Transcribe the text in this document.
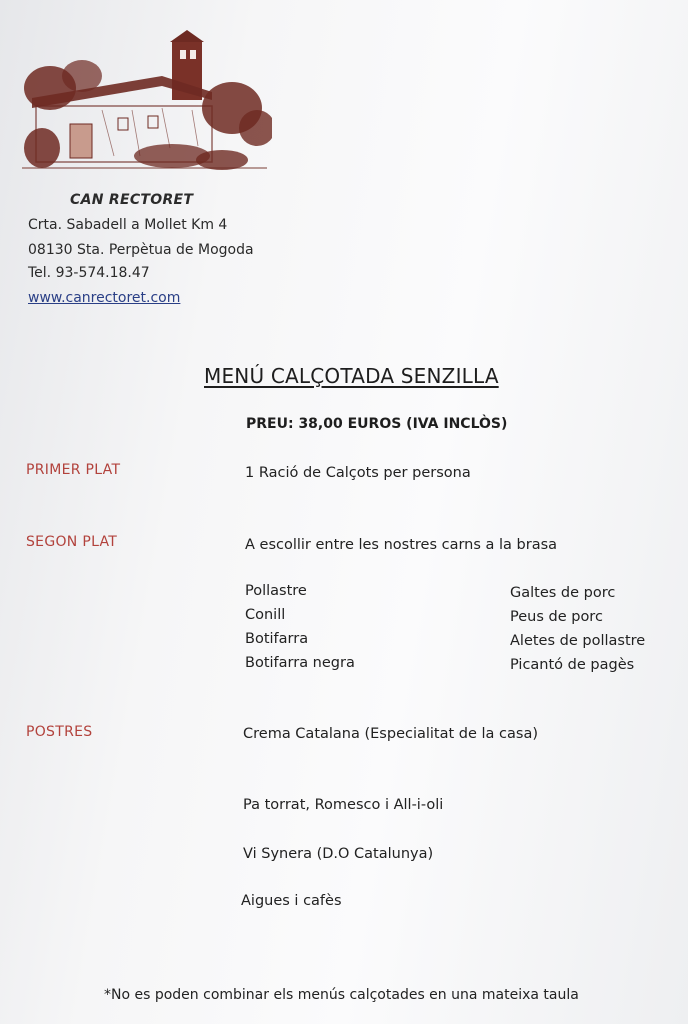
CAN RECTORET
Crta. Sabadell a Mollet Km 4
08130 Sta. Perpètua de Mogoda
Tel. 93-574.18.47
www.canrectoret.com
MENÚ CALÇOTADA SENZILLA
PREU: 38,00 EUROS (IVA INCLÒS)
PRIMER PLAT	1 Ració de Calçots per persona
SEGON PLAT	A escollir entre les nostres carns a la brasa
Pollastre
Conill
Botifarra
Botifarra negra
Galtes de porc
Peus de porc
Aletes de pollastre
Picantó de pagès
POSTRES	Crema Catalana (Especialitat de la casa)
Pa torrat, Romesco i All-i-oli
Vi Synera (D.O Catalunya)
Aigues i cafès
*No es poden combinar els menús calçotades en una mateixa taula
